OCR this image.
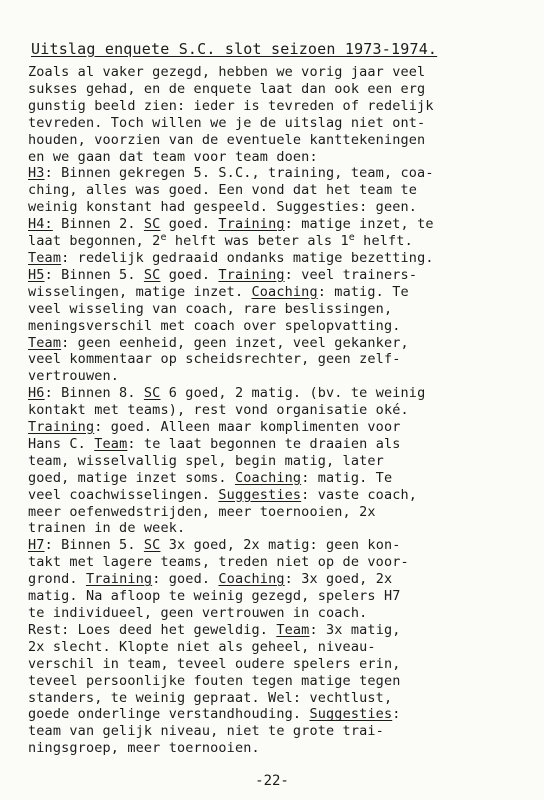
Uitslag enquete S.C. slot seizoen 1973-1974.
Zoals al vaker gezegd, hebben we vorig jaar veel
sukses gehad, en de enquete laat dan ook een erg
gunstig beeld zien: ieder is tevreden of redelijk
tevreden. Toch willen we je de uitslag niet ont-
houden, voorzien van de eventuele kanttekeningen
en we gaan dat team voor team doen:
H3: Binnen gekregen 5. S.C., training, team, coa-
ching, alles was goed. Een vond dat het team te
weinig konstant had gespeeld. Suggesties: geen.
H4: Binnen 2. SC goed. Training: matige inzet, te
laat begonnen, 2e helft was beter als 1e helft.
Team: redelijk gedraaid ondanks matige bezetting.
H5: Binnen 5. SC goed. Training: veel trainers-
wisselingen, matige inzet. Coaching: matig. Te
veel wisseling van coach, rare beslissingen,
meningsverschil met coach over spelopvatting.
Team: geen eenheid, geen inzet, veel gekanker,
veel kommentaar op scheidsrechter, geen zelf-
vertrouwen.
H6: Binnen 8. SC 6 goed, 2 matig. (bv. te weinig
kontakt met teams), rest vond organisatie oké.
Training: goed. Alleen maar komplimenten voor
Hans C. Team: te laat begonnen te draaien als
team, wisselvallig spel, begin matig, later
goed, matige inzet soms. Coaching: matig. Te
veel coachwisselingen. Suggesties: vaste coach,
meer oefenwedstrijden, meer toernooien, 2x
trainen in de week.
H7: Binnen 5. SC 3x goed, 2x matig: geen kon-
takt met lagere teams, treden niet op de voor-
grond. Training: goed. Coaching: 3x goed, 2x
matig. Na afloop te weinig gezegd, spelers H7
te individueel, geen vertrouwen in coach.
Rest: Loes deed het geweldig. Team: 3x matig,
2x slecht. Klopte niet als geheel, niveau-
verschil in team, teveel oudere spelers erin,
teveel persoonlijke fouten tegen matige tegen
standers, te weinig gepraat. Wel: vechtlust,
goede onderlinge verstandhouding. Suggesties:
team van gelijk niveau, niet te grote trai-
ningsgroep, meer toernooien.
-22-
